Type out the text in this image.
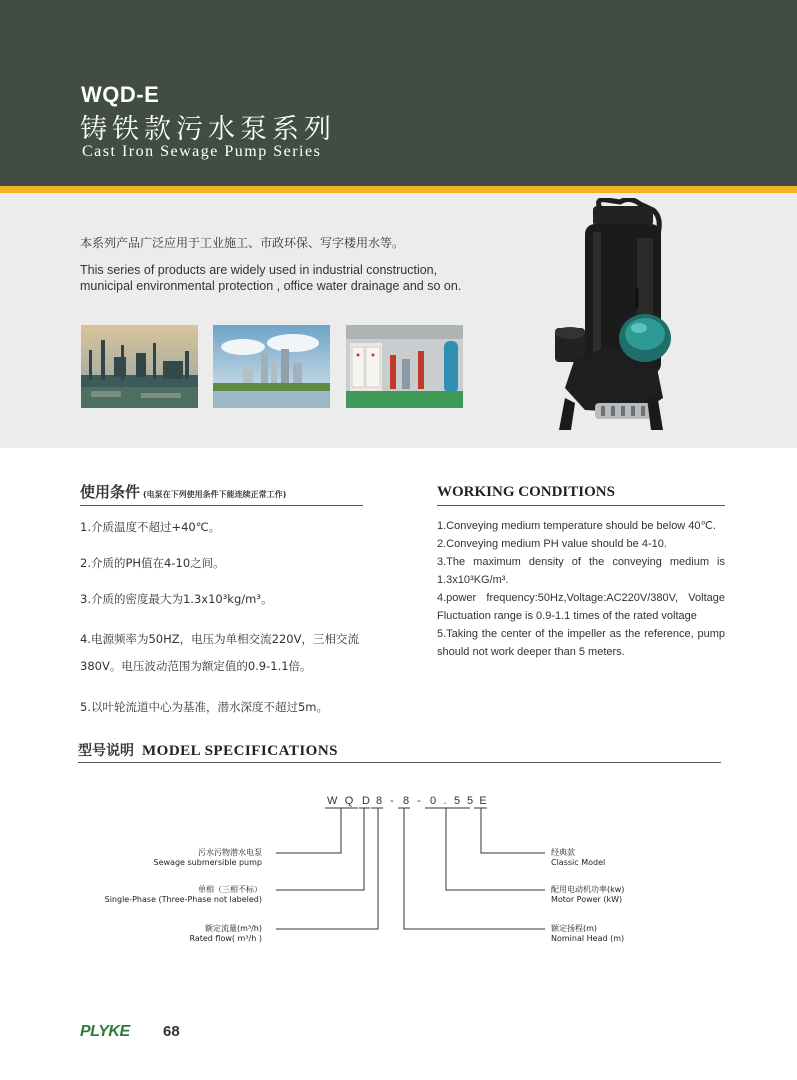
WQD-E
铸铁款污水泵系列
Cast Iron Sewage Pump Series
本系列产品广泛应用于工业施工、市政环保、写字楼用水等。
This series of products are widely used in industrial construction, municipal environmental protection , office water drainage and so on.
使用条件 (电泵在下列使用条件下能连续正常工作)
1.介质温度不超过+40℃。
2.介质的PH值在4-10之间。
3.介质的密度最大为1.3x10³kg/m³。
4.电源频率为50HZ，电压为单相交流220V，三相交流380V。电压波动范围为额定值的0.9-1.1倍。
5.以叶轮流道中心为基准，潜水深度不超过5m。
WORKING CONDITIONS
1.Conveying medium temperature should be below 40℃.
2.Conveying medium PH value should be 4-10.
3.The maximum density of the conveying medium is 1.3x10³KG/m³.
4.power frequency:50Hz,Voltage:AC220V/380V, Voltage Fluctuation range is 0.9-1.1 times of the rated voltage
5.Taking the center of the impeller as the reference, pump should not work deeper than 5 meters.
型号说明 MODEL SPECIFICATIONS
W Q D 8 - 8 - 0 . 5 5 E
污水污物潜水电泵
Sewage submersible pump
单相（三相不标）
Single-Phase (Three-Phase not labeled)
额定流量(m³/h)
Rated flow( m³/h )
经典款
Classic Model
配用电动机功率(kw)
Motor Power (kW)
额定扬程(m)
Nominal Head (m)
PLYKE 68
